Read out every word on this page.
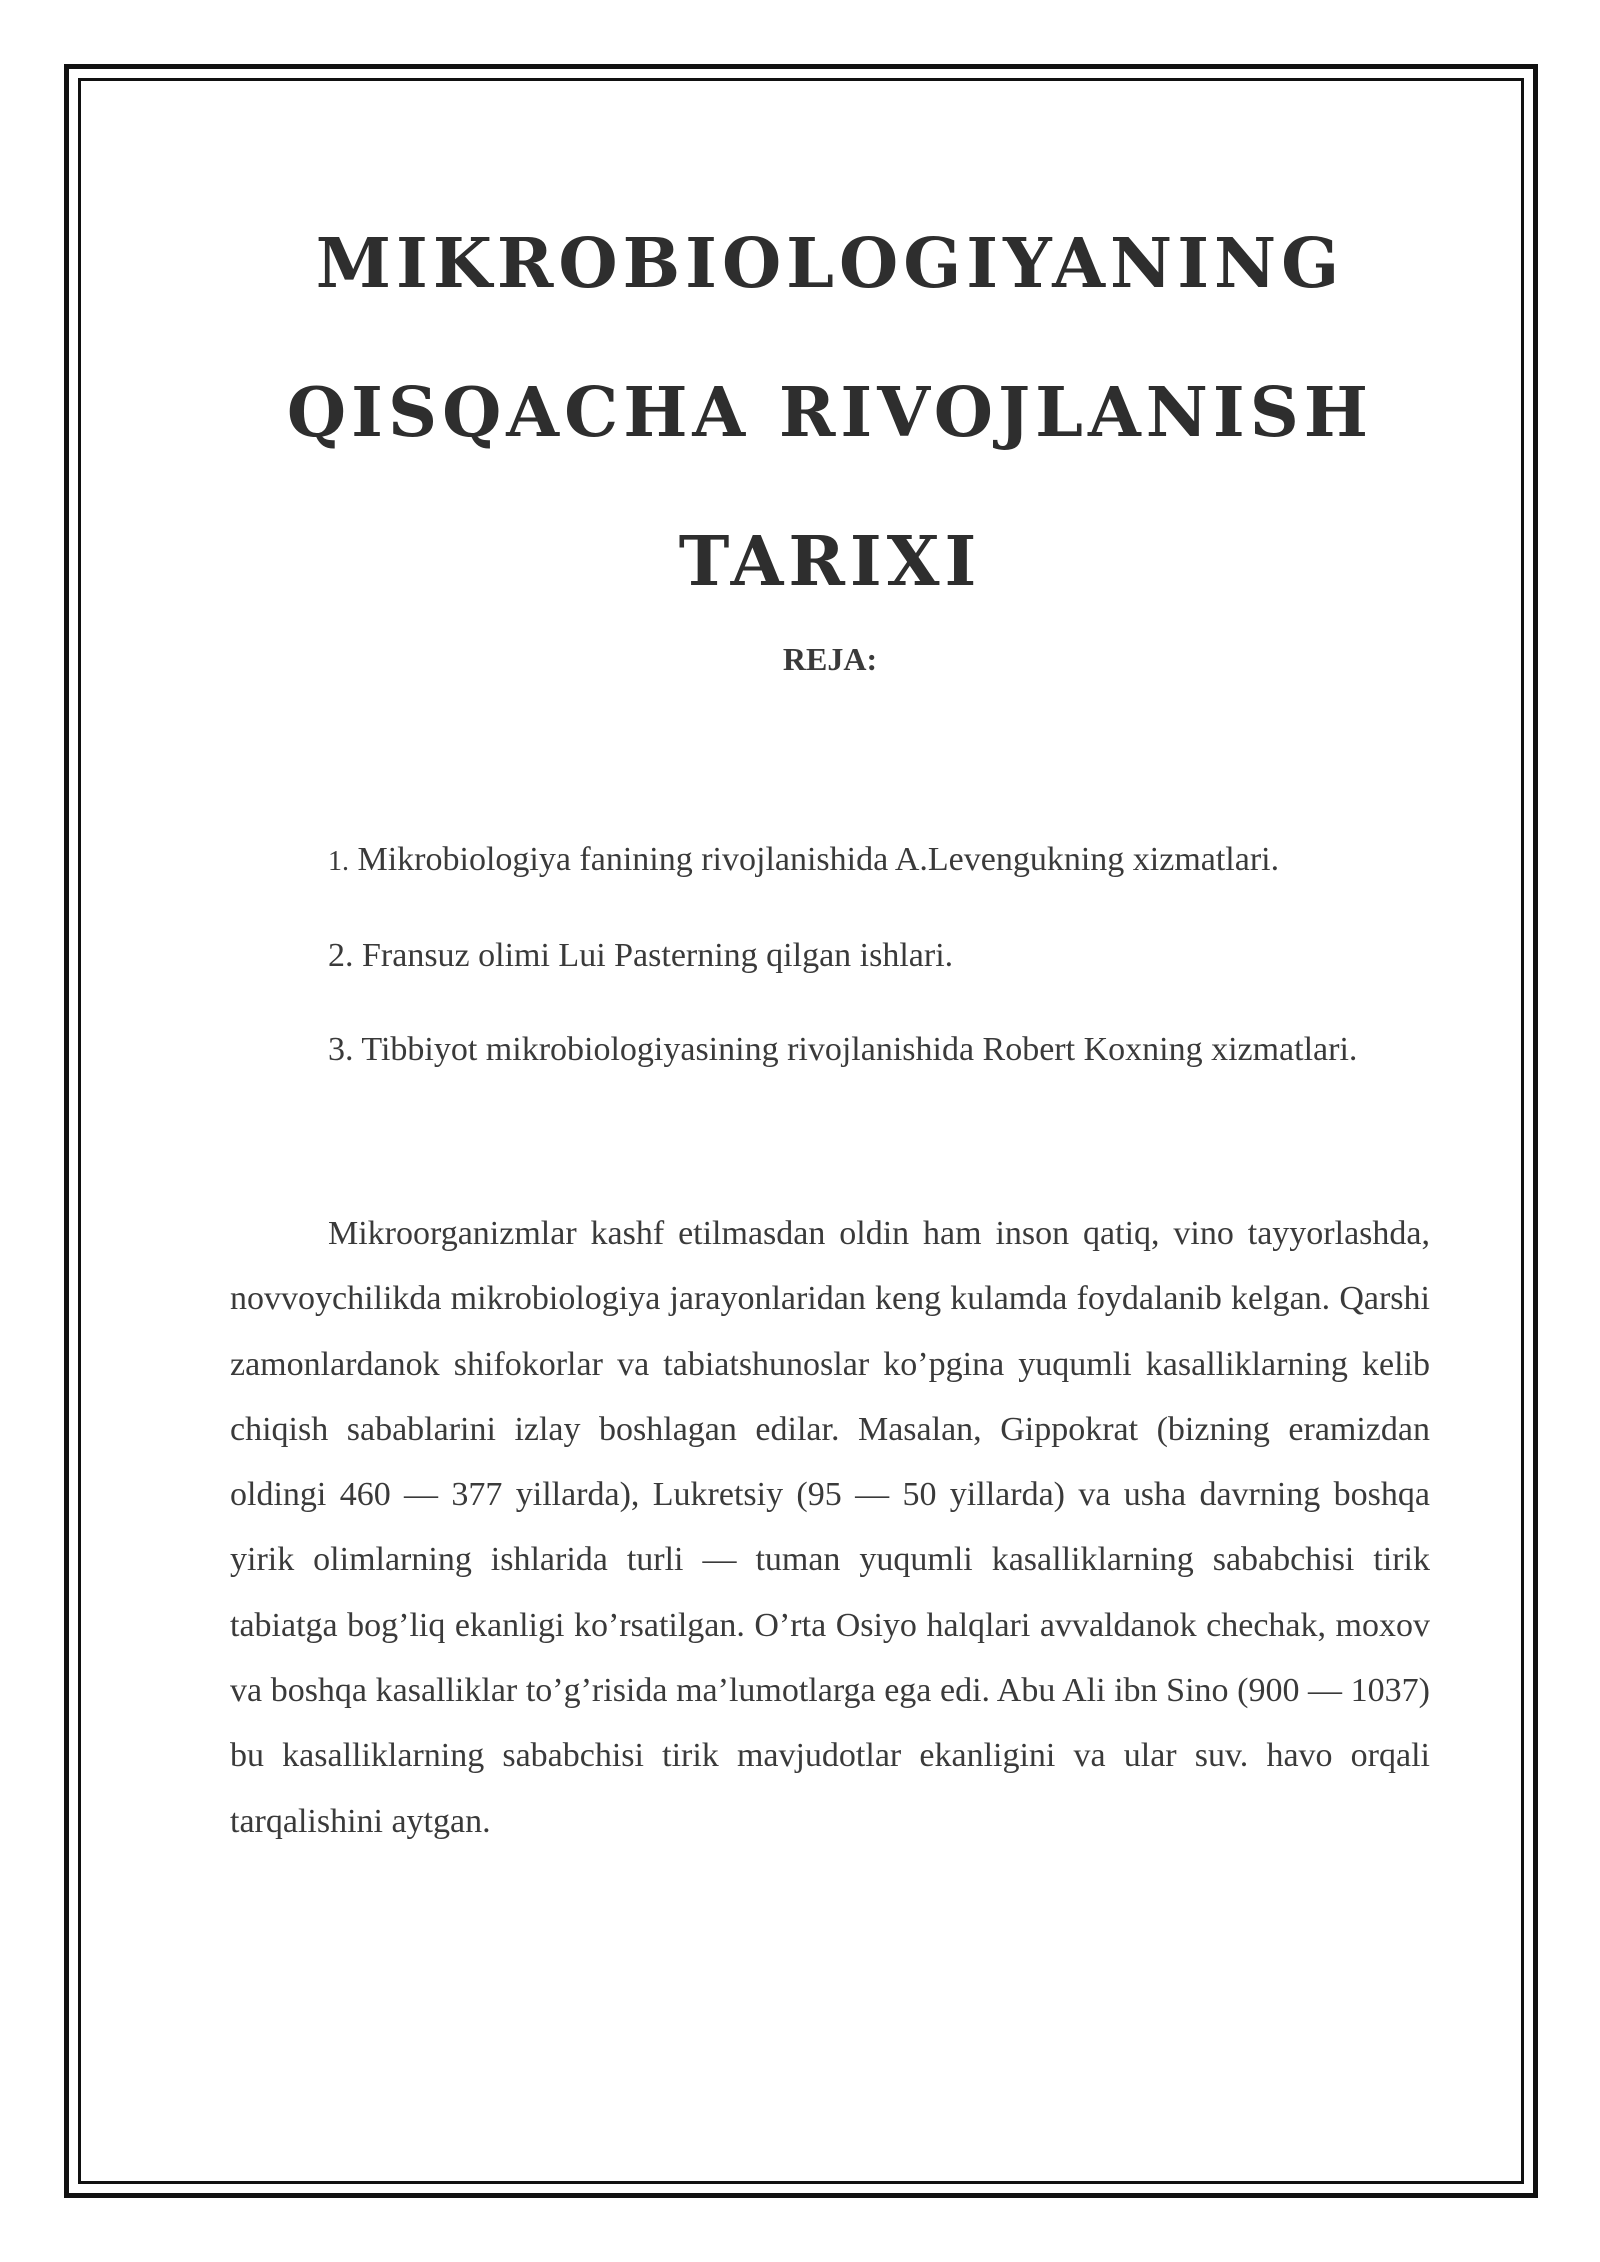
MIKROBIOLOGIYANING
QISQACHA RIVOJLANISH
TARIXI
REJA:

1. Mikrobiologiya fanining rivojlanishida A.Levengukning xizmatlari.

2. Fransuz olimi Lui Pasterning qilgan ishlari.

3. Tibbiyot mikrobiologiyasining rivojlanishida Robert Koxning xizmatlari.

Mikroorganizmlar kashf etilmasdan oldin ham inson qatiq, vino tayyorlashda, novvoychilikda mikrobiologiya jarayonlaridan keng kulamda foydalanib kelgan. Qarshi zamonlardanok shifokorlar va tabiatshunoslar ko’pgina yuqumli kasalliklarning kelib chiqish sabablarini izlay boshlagan edilar. Masalan, Gippokrat (bizning eramizdan oldingi 460 — 377 yillarda), Lukretsiy (95 — 50 yillarda) va usha davrning boshqa yirik olimlarning ishlarida turli — tuman yuqumli kasalliklarning sababchisi tirik tabiatga bog’liq ekanligi ko’rsatilgan. O’rta Osiyo halqlari avvaldanok chechak, moxov va boshqa kasalliklar to’g’risida ma’lumotlarga ega edi. Abu Ali ibn Sino (900 — 1037) bu kasalliklarning sababchisi tirik mavjudotlar ekanligini va ular suv. havo orqali tarqalishini aytgan.
